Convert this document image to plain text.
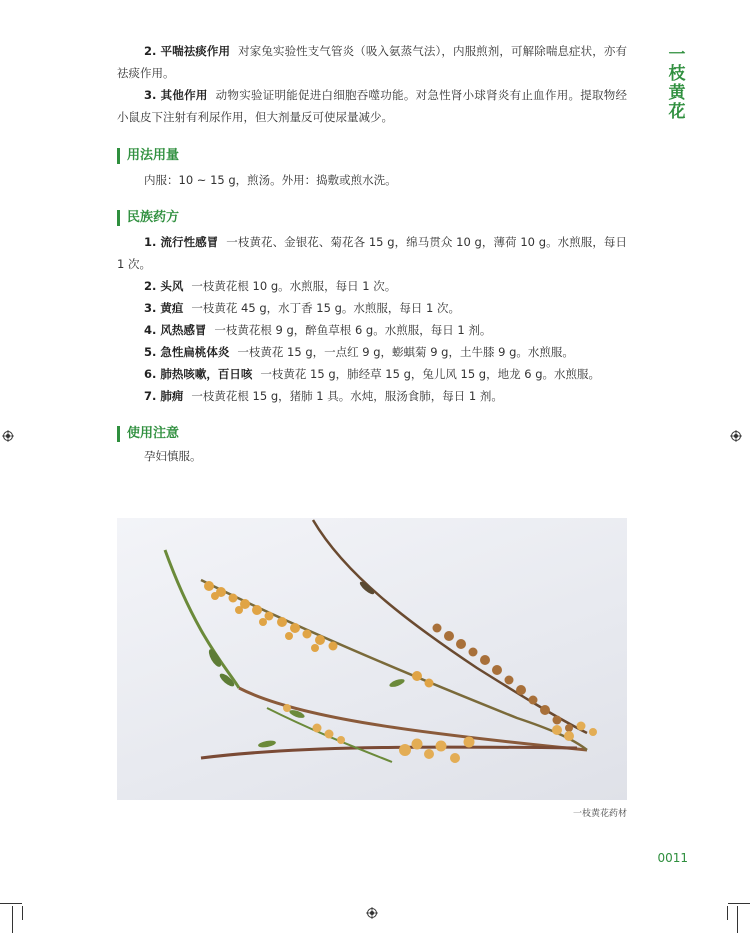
一
枝
黄
花

2. 平喘祛痰作用 对家兔实验性支气管炎（吸入氨蒸气法），内服煎剂，可解除喘息症状，亦有祛痰作用。

3. 其他作用 动物实验证明能促进白细胞吞噬功能。对急性肾小球肾炎有止血作用。提取物经小鼠皮下注射有利尿作用，但大剂量反可使尿量减少。

用法用量

内服：10 ~ 15 g，煎汤。外用：捣敷或煎水洗。

民族药方

1. 流行性感冒 一枝黄花、金银花、菊花各 15 g，绵马贯众 10 g，薄荷 10 g。水煎服，每日 1 次。

2. 头风 一枝黄花根 10 g。水煎服，每日 1 次。

3. 黄疸 一枝黄花 45 g，水丁香 15 g。水煎服，每日 1 次。

4. 风热感冒 一枝黄花根 9 g，醉鱼草根 6 g。水煎服，每日 1 剂。

5. 急性扁桃体炎 一枝黄花 15 g，一点红 9 g，蟛蜞菊 9 g，土牛膝 9 g。水煎服。

6. 肺热咳嗽，百日咳 一枝黄花 15 g，肺经草 15 g，兔儿风 15 g，地龙 6 g。水煎服。

7. 肺痈 一枝黄花根 15 g，猪肺 1 具。水炖，服汤食肺，每日 1 剂。

使用注意

孕妇慎服。

一枝黄花药材
0011
